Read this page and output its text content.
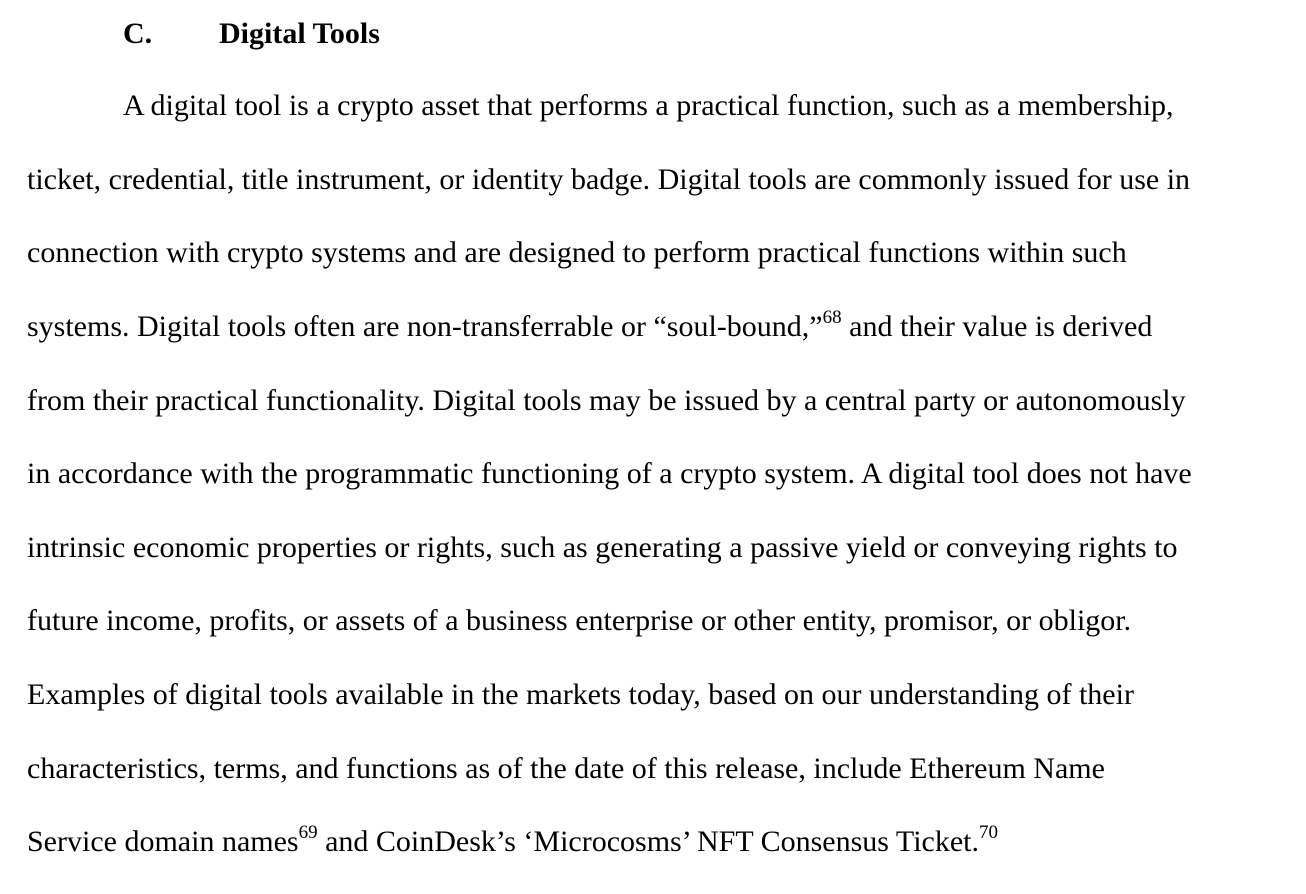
C. Digital Tools
A digital tool is a crypto asset that performs a practical function, such as a membership,
ticket, credential, title instrument, or identity badge. Digital tools are commonly issued for use in
connection with crypto systems and are designed to perform practical functions within such
systems. Digital tools often are non-transferrable or “soul-bound,”$^{68}$ and their value is derived
from their practical functionality. Digital tools may be issued by a central party or autonomously
in accordance with the programmatic functioning of a crypto system. A digital tool does not have
intrinsic economic properties or rights, such as generating a passive yield or conveying rights to
future income, profits, or assets of a business enterprise or other entity, promisor, or obligor.
Examples of digital tools available in the markets today, based on our understanding of their
characteristics, terms, and functions as of the date of this release, include Ethereum Name
Service domain names$^{69}$ and CoinDesk’s ‘Microcosms’ NFT Consensus Ticket.$^{70}$
